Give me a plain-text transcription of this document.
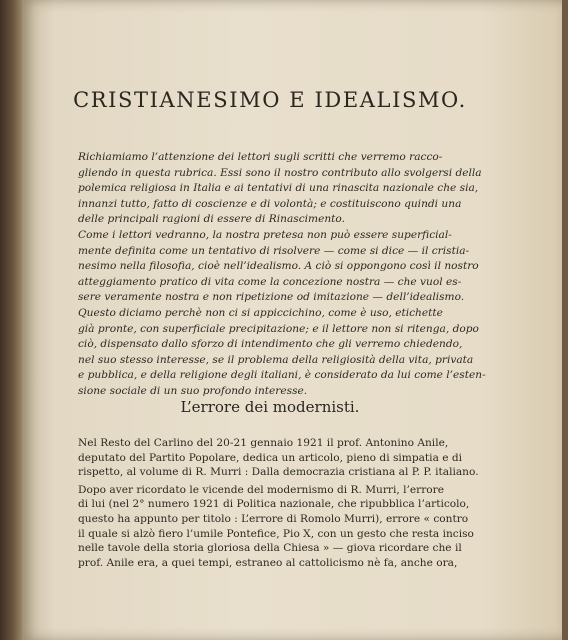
CRISTIANESIMO E IDEALISMO.

Richiamiamo l’attenzione dei lettori sugli scritti che verremo racco-
gliendo in questa rubrica. Essi sono il nostro contributo allo svolgersi della
polemica religiosa in Italia e ai tentativi di una rinascita nazionale che sia,
innanzi tutto, fatto di coscienze e di volontà; e costituiscono quindi una
delle principali ragioni di essere di Rinascimento.

Come i lettori vedranno, la nostra pretesa non può essere superficial-
mente definita come un tentativo di risolvere — come si dice — il cristia-
nesimo nella filosofia, cioè nell’idealismo. A ciò si oppongono così il nostro
atteggiamento pratico di vita come la concezione nostra — che vuol es-
sere veramente nostra e non ripetizione od imitazione — dell’idealismo.

Questo diciamo perchè non ci si appiccichino, come è uso, etichette
già pronte, con superficiale precipitazione; e il lettore non si ritenga, dopo
ciò, dispensato dallo sforzo di intendimento che gli verremo chiedendo,
nel suo stesso interesse, se il problema della religiosità della vita, privata
e pubblica, e della religione degli italiani, è considerato da lui come l’esten-
sione sociale di un suo profondo interesse.

L’errore dei modernisti.

Nel Resto del Carlino del 20-21 gennaio 1921 il prof. Antonino Anile,
deputato del Partito Popolare, dedica un articolo, pieno di simpatia e di
rispetto, al volume di R. Murri : Dalla democrazia cristiana al P. P. italiano.

Dopo aver ricordato le vicende del modernismo di R. Murri, l’errore
di lui (nel 2° numero 1921 di Politica nazionale, che ripubblica l’articolo,
questo ha appunto per titolo : L’errore di Romolo Murri), errore « contro
il quale si alzò fiero l’umile Pontefice, Pio X, con un gesto che resta inciso
nelle tavole della storia gloriosa della Chiesa » — giova ricordare che il
prof. Anile era, a quei tempi, estraneo al cattolicismo nè fa, anche ora,
